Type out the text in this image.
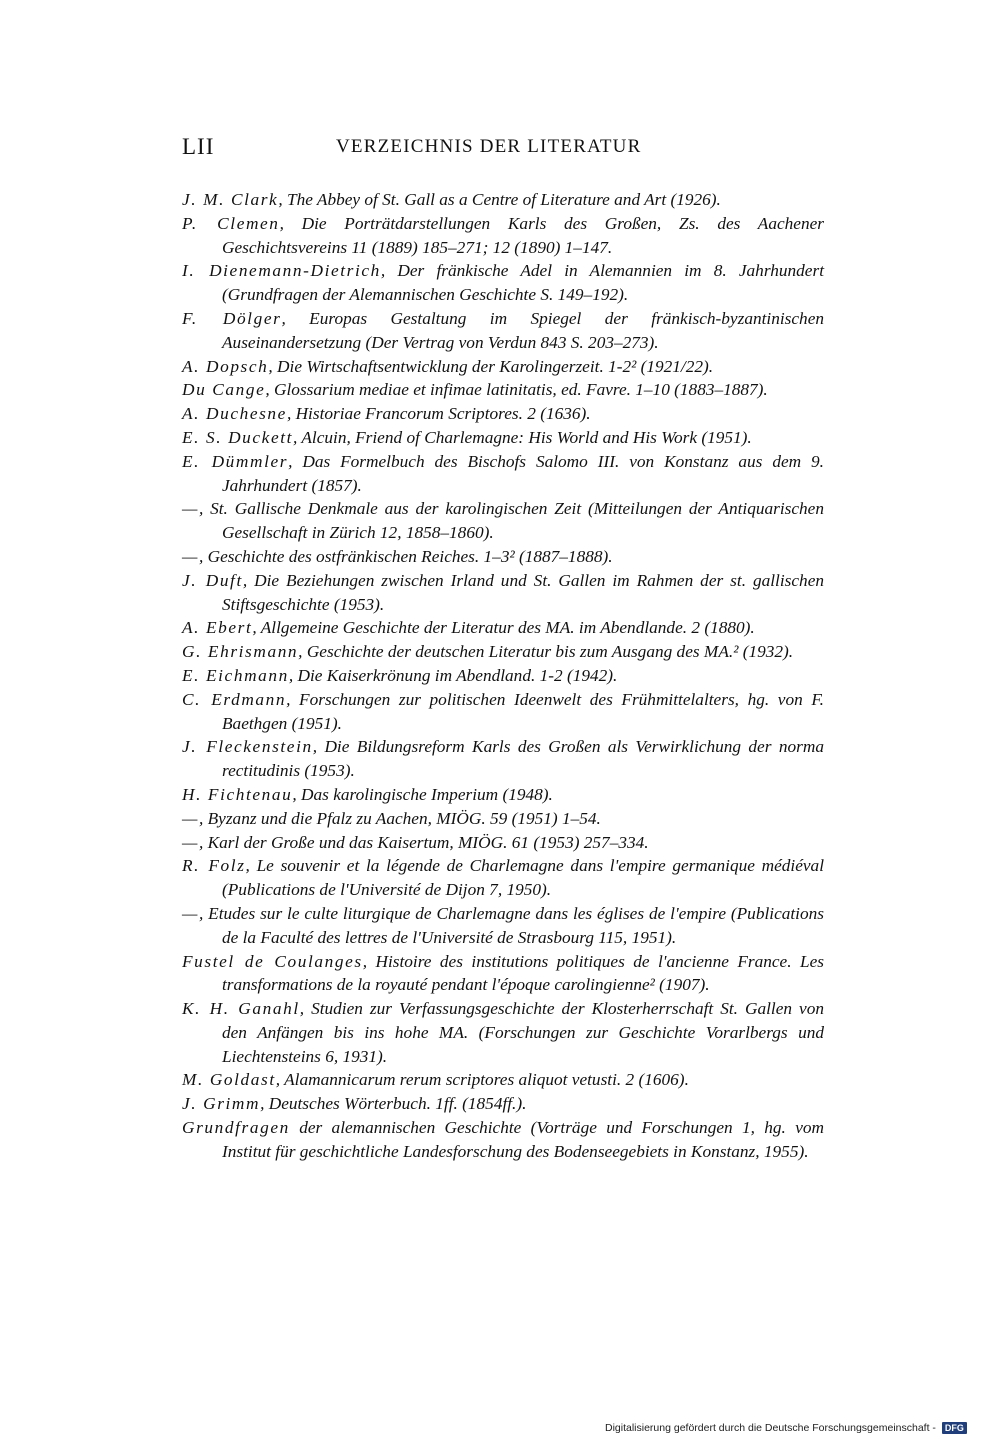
LII	VERZEICHNIS DER LITERATUR
J. M. Clark, The Abbey of St. Gall as a Centre of Literature and Art (1926).
P. Clemen, Die Porträtdarstellungen Karls des Großen, Zs. des Aachener Geschichtsvereins 11 (1889) 185–271; 12 (1890) 1–147.
I. Dienemann-Dietrich, Der fränkische Adel in Alemannien im 8. Jahrhundert (Grundfragen der Alemannischen Geschichte S. 149–192).
F. Dölger, Europas Gestaltung im Spiegel der fränkisch-byzantinischen Auseinandersetzung (Der Vertrag von Verdun 843 S. 203–273).
A. Dopsch, Die Wirtschaftsentwicklung der Karolingerzeit. 1-2² (1921/22).
Du Cange, Glossarium mediae et infimae latinitatis, ed. Favre. 1–10 (1883–1887).
A. Duchesne, Historiae Francorum Scriptores. 2 (1636).
E. S. Duckett, Alcuin, Friend of Charlemagne: His World and His Work (1951).
E. Dümmler, Das Formelbuch des Bischofs Salomo III. von Konstanz aus dem 9. Jahrhundert (1857).
—, St. Gallische Denkmale aus der karolingischen Zeit (Mitteilungen der Antiquarischen Gesellschaft in Zürich 12, 1858–1860).
—, Geschichte des ostfränkischen Reiches. 1–3² (1887–1888).
J. Duft, Die Beziehungen zwischen Irland und St. Gallen im Rahmen der st. gallischen Stiftsgeschichte (1953).
A. Ebert, Allgemeine Geschichte der Literatur des MA. im Abendlande. 2 (1880).
G. Ehrismann, Geschichte der deutschen Literatur bis zum Ausgang des MA.² (1932).
E. Eichmann, Die Kaiserkrönung im Abendland. 1-2 (1942).
C. Erdmann, Forschungen zur politischen Ideenwelt des Frühmittelalters, hg. von F. Baethgen (1951).
J. Fleckenstein, Die Bildungsreform Karls des Großen als Verwirklichung der norma rectitudinis (1953).
H. Fichtenau, Das karolingische Imperium (1948).
—, Byzanz und die Pfalz zu Aachen, MIÖG. 59 (1951) 1–54.
—, Karl der Große und das Kaisertum, MIÖG. 61 (1953) 257–334.
R. Folz, Le souvenir et la légende de Charlemagne dans l'empire germanique médiéval (Publications de l'Université de Dijon 7, 1950).
—, Etudes sur le culte liturgique de Charlemagne dans les églises de l'empire (Publications de la Faculté des lettres de l'Université de Strasbourg 115, 1951).
Fustel de Coulanges, Histoire des institutions politiques de l'ancienne France. Les transformations de la royauté pendant l'époque carolingienne² (1907).
K. H. Ganahl, Studien zur Verfassungsgeschichte der Klosterherrschaft St. Gallen von den Anfängen bis ins hohe MA. (Forschungen zur Geschichte Vorarlbergs und Liechtensteins 6, 1931).
M. Goldast, Alamannicarum rerum scriptores aliquot vetusti. 2 (1606).
J. Grimm, Deutsches Wörterbuch. 1ff. (1854ff.).
Grundfragen der alemannischen Geschichte (Vorträge und Forschungen 1, hg. vom Institut für geschichtliche Landesforschung des Bodenseegebiets in Konstanz, 1955).
Digitalisierung gefördert durch die Deutsche Forschungsgemeinschaft - DFG
